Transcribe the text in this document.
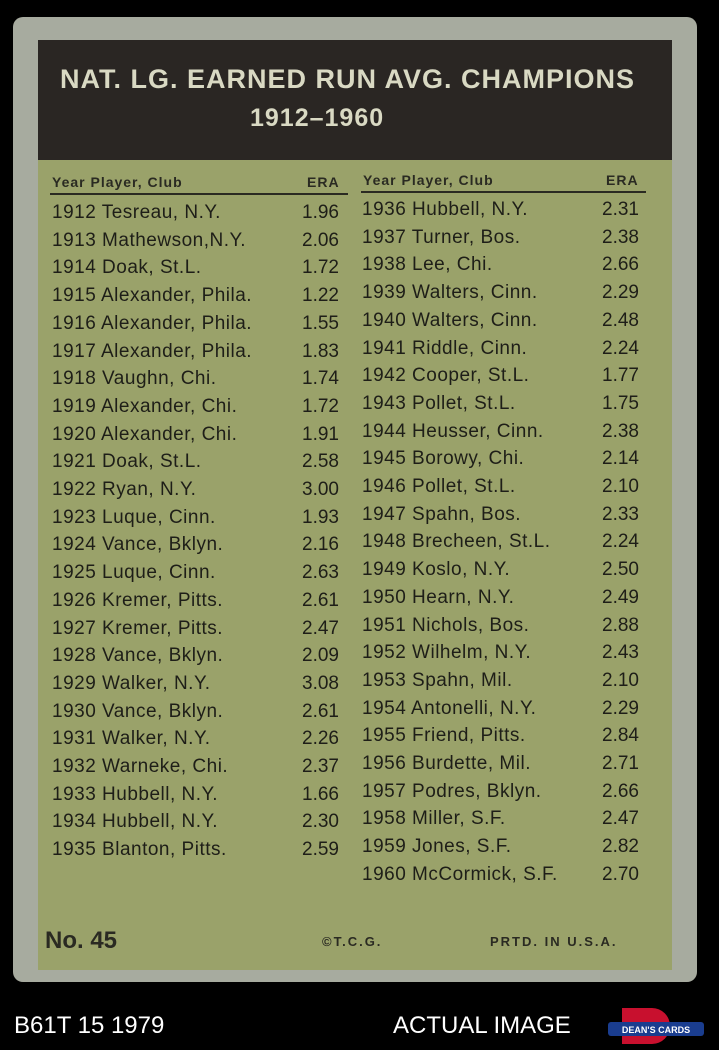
NAT. LG. EARNED RUN AVG. CHAMPIONS
1912–1960
Year Player, Club	ERA Year Player, Club	ERA
1912 Tesreau, N.Y.	1.96
1913 Mathewson,N.Y.	2.06
1914 Doak, St.L.	1.72
1915 Alexander, Phila.	1.22
1916 Alexander, Phila.	1.55
1917 Alexander, Phila.	1.83
1918 Vaughn, Chi.	1.74
1919 Alexander, Chi.	1.72
1920 Alexander, Chi.	1.91
1921 Doak, St.L.	2.58
1922 Ryan, N.Y.	3.00
1923 Luque, Cinn.	1.93
1924 Vance, Bklyn.	2.16
1925 Luque, Cinn.	2.63
1926 Kremer, Pitts.	2.61
1927 Kremer, Pitts.	2.47
1928 Vance, Bklyn.	2.09
1929 Walker, N.Y.	3.08
1930 Vance, Bklyn.	2.61
1931 Walker, N.Y.	2.26
1932 Warneke, Chi.	2.37
1933 Hubbell, N.Y.	1.66
1934 Hubbell, N.Y.	2.30
1935 Blanton, Pitts.	2.59
1936 Hubbell, N.Y.	2.31
1937 Turner, Bos.	2.38
1938 Lee, Chi.	2.66
1939 Walters, Cinn.	2.29
1940 Walters, Cinn.	2.48
1941 Riddle, Cinn.	2.24
1942 Cooper, St.L.	1.77
1943 Pollet, St.L.	1.75
1944 Heusser, Cinn.	2.38
1945 Borowy, Chi.	2.14
1946 Pollet, St.L.	2.10
1947 Spahn, Bos.	2.33
1948 Brecheen, St.L.	2.24
1949 Koslo, N.Y.	2.50
1950 Hearn, N.Y.	2.49
1951 Nichols, Bos.	2.88
1952 Wilhelm, N.Y.	2.43
1953 Spahn, Mil.	2.10
1954 Antonelli, N.Y.	2.29
1955 Friend, Pitts.	2.84
1956 Burdette, Mil.	2.71
1957 Podres, Bklyn.	2.66
1958 Miller, S.F.	2.47
1959 Jones, S.F.	2.82
1960 McCormick, S.F. 2.70
No. 45	©T.C.G.	PRTD. IN U.S.A.
B61T 15 1979	ACTUAL IMAGE	DEAN'S CARDS
